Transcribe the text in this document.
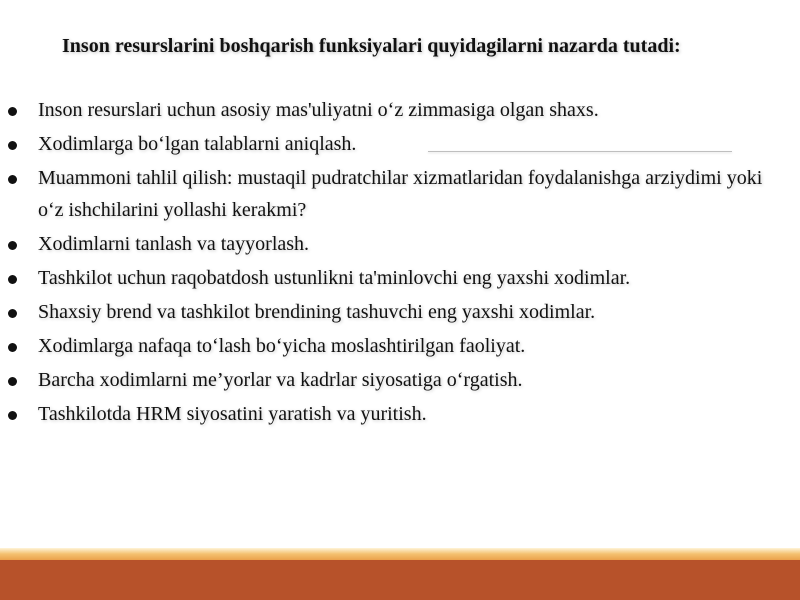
Inson resurslarini boshqarish funksiyalari quyidagilarni nazarda tutadi:

Inson resurslari uchun asosiy mas'uliyatni o‘z zimmasiga olgan shaxs.
Xodimlarga bo‘lgan talablarni aniqlash.
Muammoni tahlil qilish: mustaqil pudratchilar xizmatlaridan foydalanishga arziydimi yoki o‘z ishchilarini yollashi kerakmi?
Xodimlarni tanlash va tayyorlash.
Tashkilot uchun raqobatdosh ustunlikni ta'minlovchi eng yaxshi xodimlar.
Shaxsiy brend va tashkilot brendining tashuvchi eng yaxshi xodimlar.
Xodimlarga nafaqa to‘lash bo‘yicha moslashtirilgan faoliyat.
Barcha xodimlarni me’yorlar va kadrlar siyosatiga o‘rgatish.
Tashkilotda HRM siyosatini yaratish va yuritish.
